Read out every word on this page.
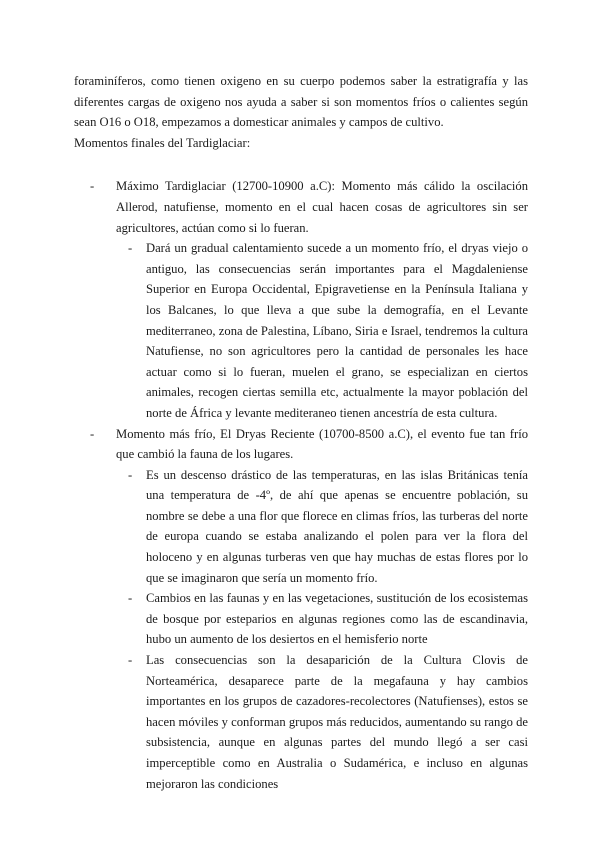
foraminíferos, como tienen oxigeno en su cuerpo podemos saber la estratigrafía y las diferentes cargas de oxigeno nos ayuda a saber si son momentos fríos o calientes según sean O16 o O18, empezamos a domesticar animales y campos de cultivo.

Momentos finales del Tardiglaciar:

- Máximo Tardiglaciar (12700-10900 a.C): Momento más cálido la oscilación Allerod, natufiense, momento en el cual hacen cosas de agricultores sin ser agricultores, actúan como si lo fueran.

- Dará un gradual calentamiento sucede a un momento frío, el dryas viejo o antiguo, las consecuencias serán importantes para el Magdaleniense Superior en Europa Occidental, Epigravetiense en la Península Italiana y los Balcanes, lo que lleva a que sube la demografía, en el Levante mediterraneo, zona de Palestina, Líbano, Siria e Israel, tendremos la cultura Natufiense, no son agricultores pero la cantidad de personales les hace actuar como si lo fueran, muelen el grano, se especializan en ciertos animales, recogen ciertas semilla etc, actualmente la mayor población del norte de África y levante mediteraneo tienen ancestría de esta cultura.

- Momento más frío, El Dryas Reciente (10700-8500 a.C), el evento fue tan frío que cambió la fauna de los lugares.

- Es un descenso drástico de las temperaturas, en las islas Británicas tenía una temperatura de -4º, de ahí que apenas se encuentre población, su nombre se debe a una flor que florece en climas fríos, las turberas del norte de europa cuando se estaba analizando el polen para ver la flora del holoceno y en algunas turberas ven que hay muchas de estas flores por lo que se imaginaron que sería un momento frío.

- Cambios en las faunas y en las vegetaciones, sustitución de los ecosistemas de bosque por esteparios en algunas regiones como las de escandinavia, hubo un aumento de los desiertos en el hemisferio norte

- Las consecuencias son la desaparición de la Cultura Clovis de Norteamérica, desaparece parte de la megafauna y hay cambios importantes en los grupos de cazadores-recolectores (Natufienses), estos se hacen móviles y conforman grupos más reducidos, aumentando su rango de subsistencia, aunque en algunas partes del mundo llegó a ser casi imperceptible como en Australia o Sudamérica, e incluso en algunas mejoraron las condiciones
